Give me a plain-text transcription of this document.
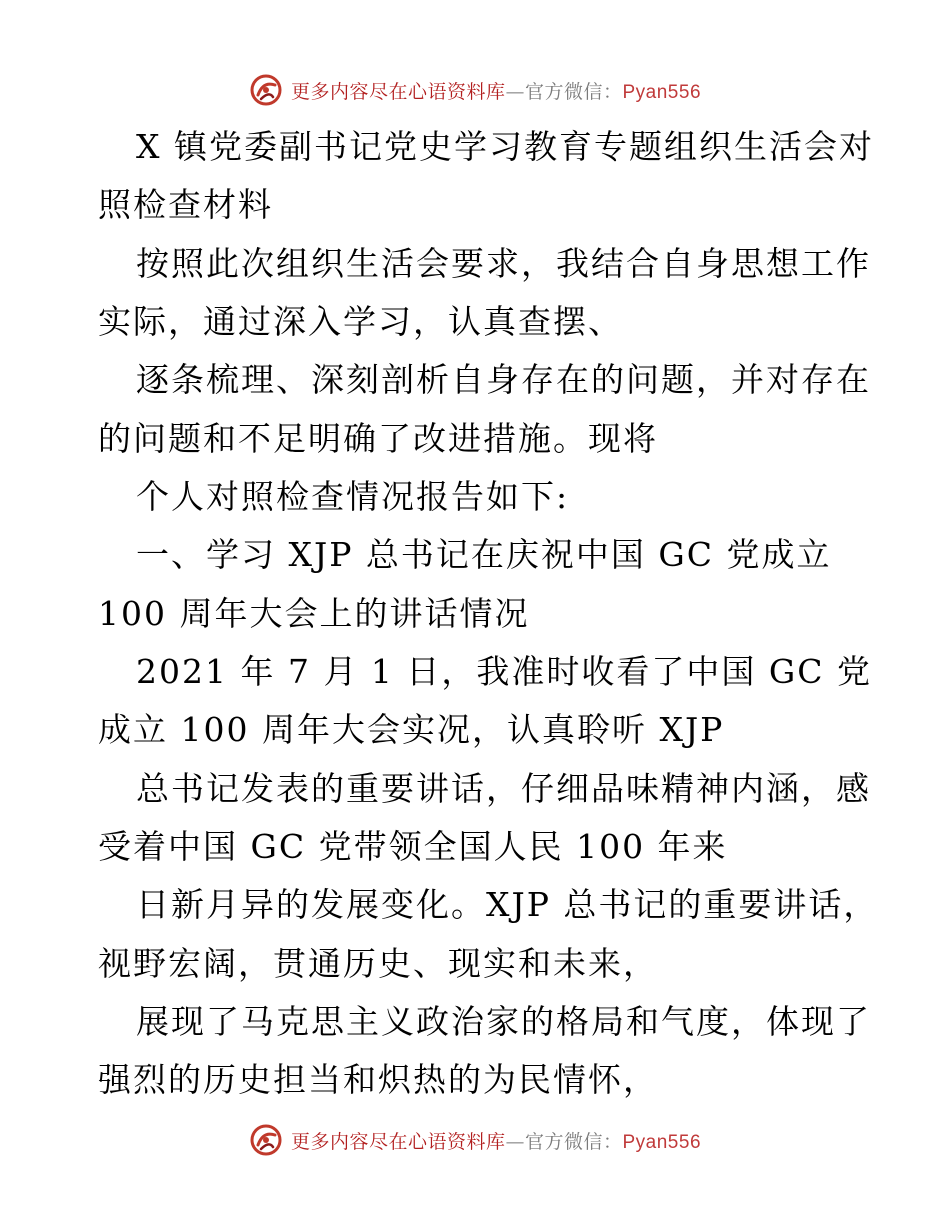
更多内容尽在心语资料库—官方微信：Pyan556
X 镇党委副书记党史学习教育专题组织生活会对
照检查材料
按照此次组织生活会要求，我结合自身思想工作
实际，通过深入学习，认真查摆、
逐条梳理、深刻剖析自身存在的问题，并对存在
的问题和不足明确了改进措施。现将
个人对照检查情况报告如下:
一、学习 XJP 总书记在庆祝中国 GC 党成立
100 周年大会上的讲话情况
2021 年 7 月 1 日，我准时收看了中国 GC 党
成立 100 周年大会实况，认真聆听 XJP
总书记发表的重要讲话，仔细品味精神内涵，感
受着中国 GC 党带领全国人民 100 年来
日新月异的发展变化。XJP 总书记的重要讲话，
视野宏阔，贯通历史、现实和未来，
展现了马克思主义政治家的格局和气度，体现了
强烈的历史担当和炽热的为民情怀，
更多内容尽在心语资料库—官方微信：Pyan556
